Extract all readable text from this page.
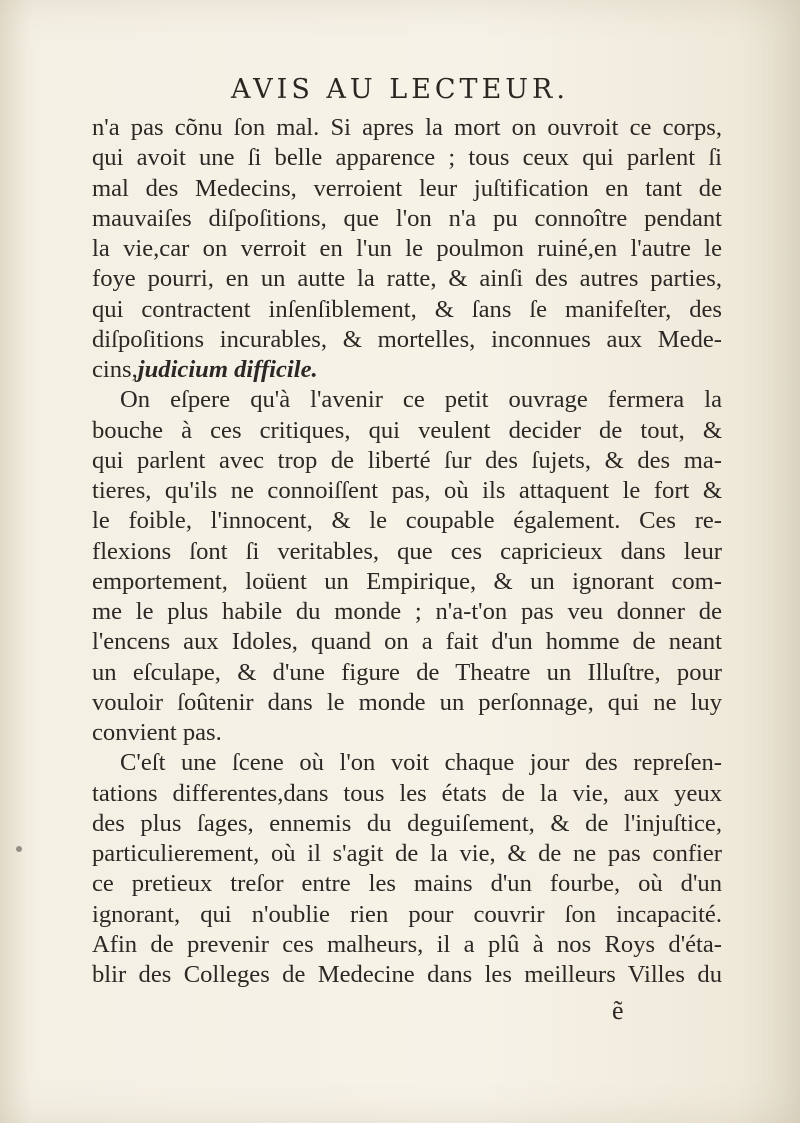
AVIS AU LECTEUR.
n'a pas cõnu ſon mal. Si apres la mort on ouvroit ce corps,
qui avoit une ſi belle apparence ; tous ceux qui parlent ſi
mal des Medecins, verroient leur juſtification en tant de
mauvaiſes diſpoſitions, que l'on n'a pu connoître pendant
la vie,car on verroit en l'un le poulmon ruiné,en l'autre le
foye pourri, en un autte la ratte, & ainſi des autres parties,
qui contractent inſenſiblement, & ſans ſe manifeſter, des
diſpoſitions incurables, & mortelles, inconnues aux Mede-
cins,judicium difficile.
On eſpere qu'à l'avenir ce petit ouvrage fermera la
bouche à ces critiques, qui veulent decider de tout, &
qui parlent avec trop de liberté ſur des ſujets, & des ma-
tieres, qu'ils ne connoiſſent pas, où ils attaquent le fort &
le foible, l'innocent, & le coupable également. Ces re-
flexions ſont ſi veritables, que ces capricieux dans leur
emportement, loüent un Empirique, & un ignorant com-
me le plus habile du monde ; n'a-t'on pas veu donner de
l'encens aux Idoles, quand on a fait d'un homme de neant
un eſculape, & d'une figure de Theatre un Illuſtre, pour
vouloir ſoûtenir dans le monde un perſonnage, qui ne luy
convient pas.
C'eſt une ſcene où l'on voit chaque jour des repreſen-
tations differentes,dans tous les états de la vie, aux yeux
des plus ſages, ennemis du deguiſement, & de l'injuſtice,
particulierement, où il s'agit de la vie, & de ne pas confier
ce pretieux treſor entre les mains d'un fourbe, où d'un
ignorant, qui n'oublie rien pour couvrir ſon incapacité.
Afin de prevenir ces malheurs, il a plû à nos Roys d'éta-
blir des Colleges de Medecine dans les meilleurs Villes du
ẽ
